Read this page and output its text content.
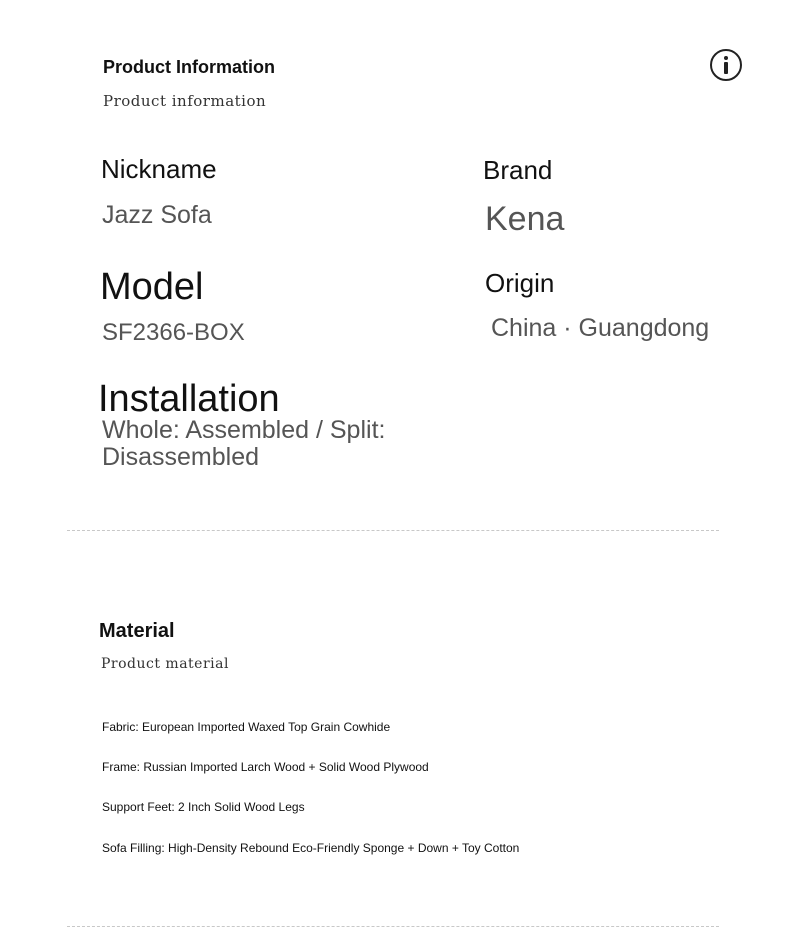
Product Information
Product information
Nickname
Jazz Sofa
Brand
Kena
Model
SF2366-BOX
Origin
China · Guangdong
Installation
Whole: Assembled / Split:
Disassembled
Material
Product material
Fabric: European Imported Waxed Top Grain Cowhide
Frame: Russian Imported Larch Wood + Solid Wood Plywood
Support Feet: 2 Inch Solid Wood Legs
Sofa Filling: High-Density Rebound Eco-Friendly Sponge + Down + Toy Cotton
